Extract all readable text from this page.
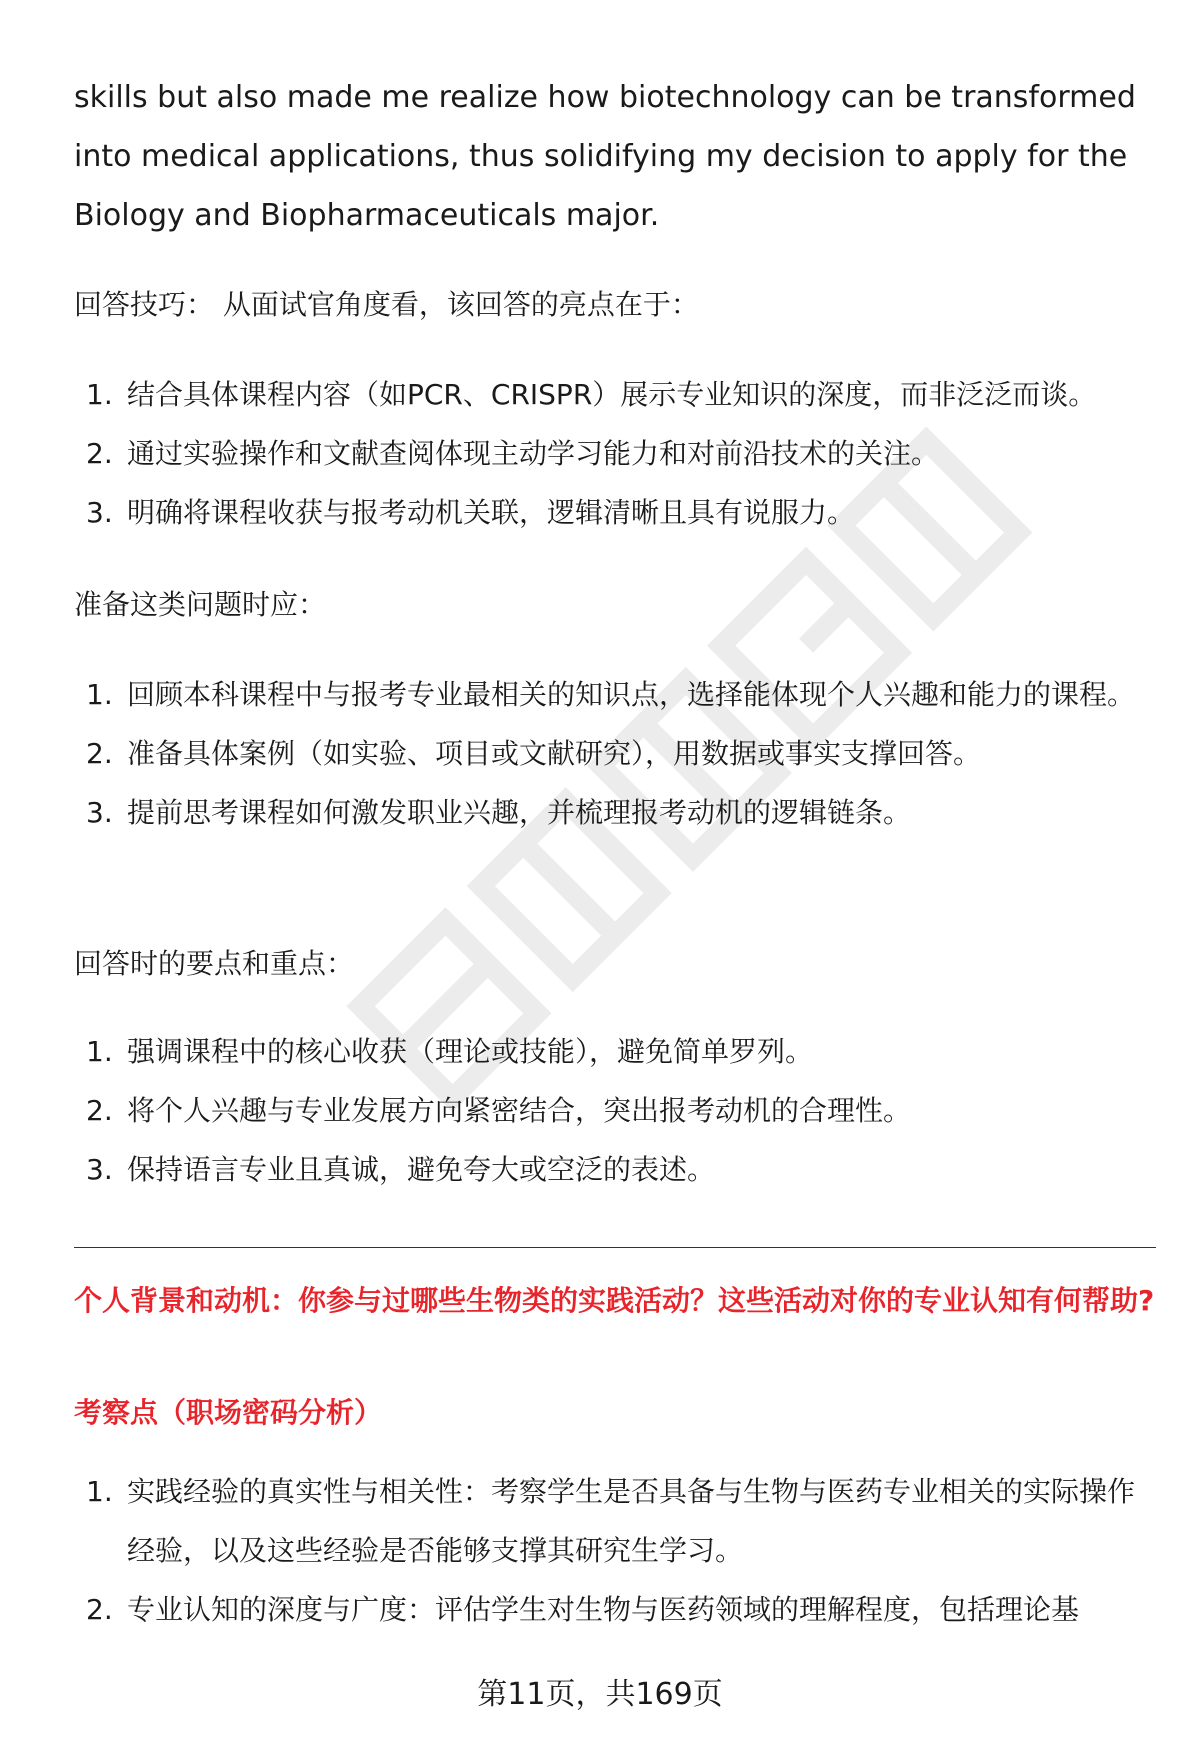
skills but also made me realize how biotechnology can be transformed into medical applications, thus solidifying my decision to apply for the Biology and Biopharmaceuticals major.

回答技巧： 从面试官角度看，该回答的亮点在于：

1. 结合具体课程内容（如PCR、CRISPR）展示专业知识的深度，而非泛泛而谈。
2. 通过实验操作和文献查阅体现主动学习能力和对前沿技术的关注。
3. 明确将课程收获与报考动机关联，逻辑清晰且具有说服力。

准备这类问题时应：

1. 回顾本科课程中与报考专业最相关的知识点，选择能体现个人兴趣和能力的课程。
2. 准备具体案例（如实验、项目或文献研究），用数据或事实支撑回答。
3. 提前思考课程如何激发职业兴趣，并梳理报考动机的逻辑链条。

回答时的要点和重点：

1. 强调课程中的核心收获（理论或技能），避免简单罗列。
2. 将个人兴趣与专业发展方向紧密结合，突出报考动机的合理性。
3. 保持语言专业且真诚，避免夸大或空泛的表述。

个人背景和动机：你参与过哪些生物类的实践活动？这些活动对你的专业认知有何帮助?

考察点（职场密码分析）

1. 实践经验的真实性与相关性：考察学生是否具备与生物与医药专业相关的实际操作经验，以及这些经验是否能够支撑其研究生学习。
2. 专业认知的深度与广度：评估学生对生物与医药领域的理解程度，包括理论基
第11页，共169页
